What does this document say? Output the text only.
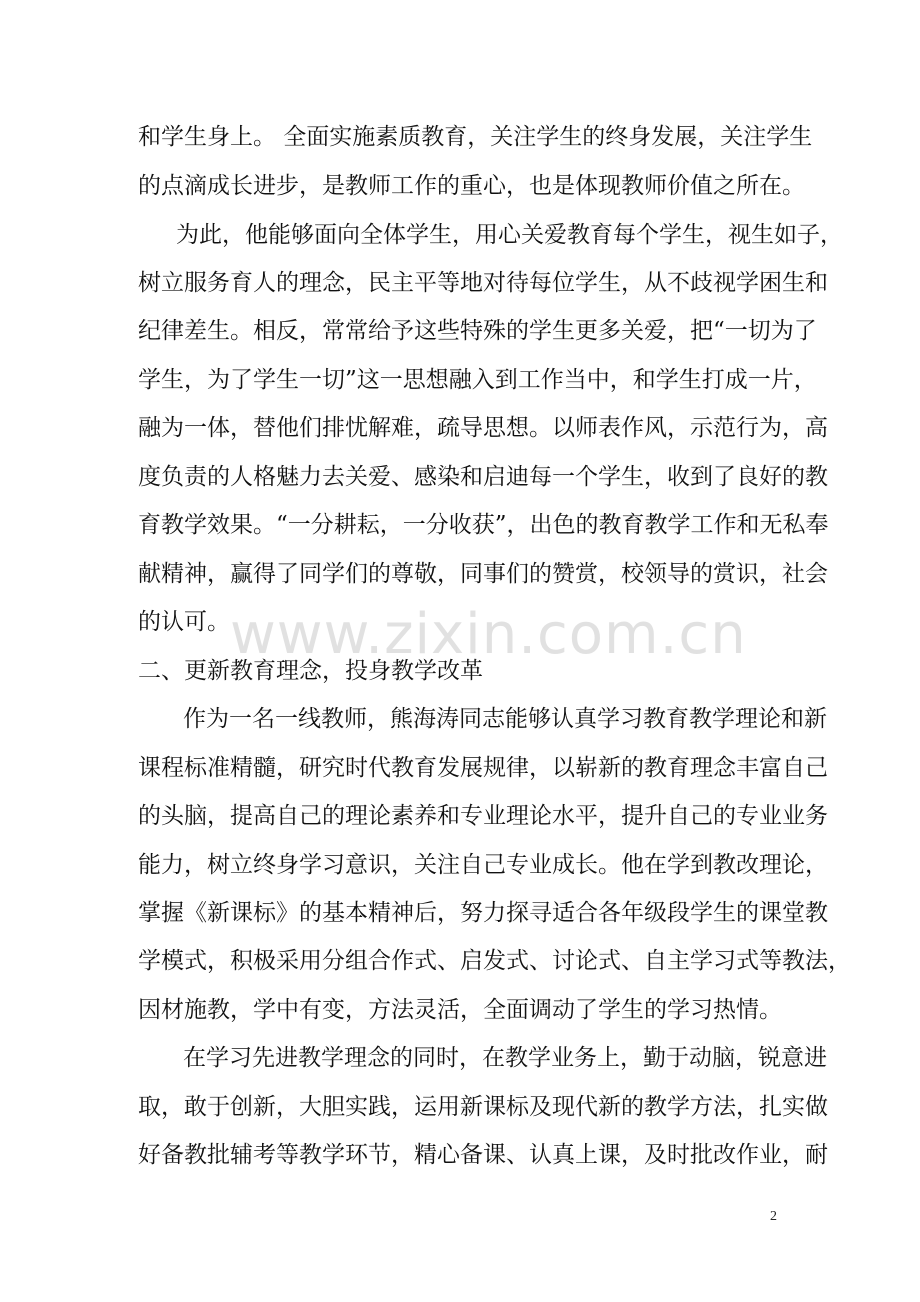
和学生身上。 全面实施素质教育，关注学生的终身发展，关注学生
的点滴成长进步，是教师工作的重心，也是体现教师价值之所在。
为此，他能够面向全体学生，用心关爱教育每个学生，视生如子，
树立服务育人的理念，民主平等地对待每位学生，从不歧视学困生和
纪律差生。相反，常常给予这些特殊的学生更多关爱，把“一切为了
学生，为了学生一切”这一思想融入到工作当中，和学生打成一片，
融为一体，替他们排忧解难，疏导思想。以师表作风，示范行为，高
度负责的人格魅力去关爱、感染和启迪每一个学生，收到了良好的教
育教学效果。“一分耕耘，一分收获”，出色的教育教学工作和无私奉
献精神，赢得了同学们的尊敬，同事们的赞赏，校领导的赏识，社会
的认可。
二、更新教育理念，投身教学改革
作为一名一线教师，熊海涛同志能够认真学习教育教学理论和新
课程标准精髓，研究时代教育发展规律，以崭新的教育理念丰富自己
的头脑，提高自己的理论素养和专业理论水平，提升自己的专业业务
能力，树立终身学习意识，关注自己专业成长。他在学到教改理论，
掌握《新课标》的基本精神后，努力探寻适合各年级段学生的课堂教
学模式，积极采用分组合作式、启发式、讨论式、自主学习式等教法，
因材施教，学中有变，方法灵活，全面调动了学生的学习热情。
在学习先进教学理念的同时，在教学业务上，勤于动脑，锐意进
取，敢于创新，大胆实践，运用新课标及现代新的教学方法，扎实做
好备教批辅考等教学环节，精心备课、认真上课，及时批改作业，耐
www.zixin.com.cn
2
